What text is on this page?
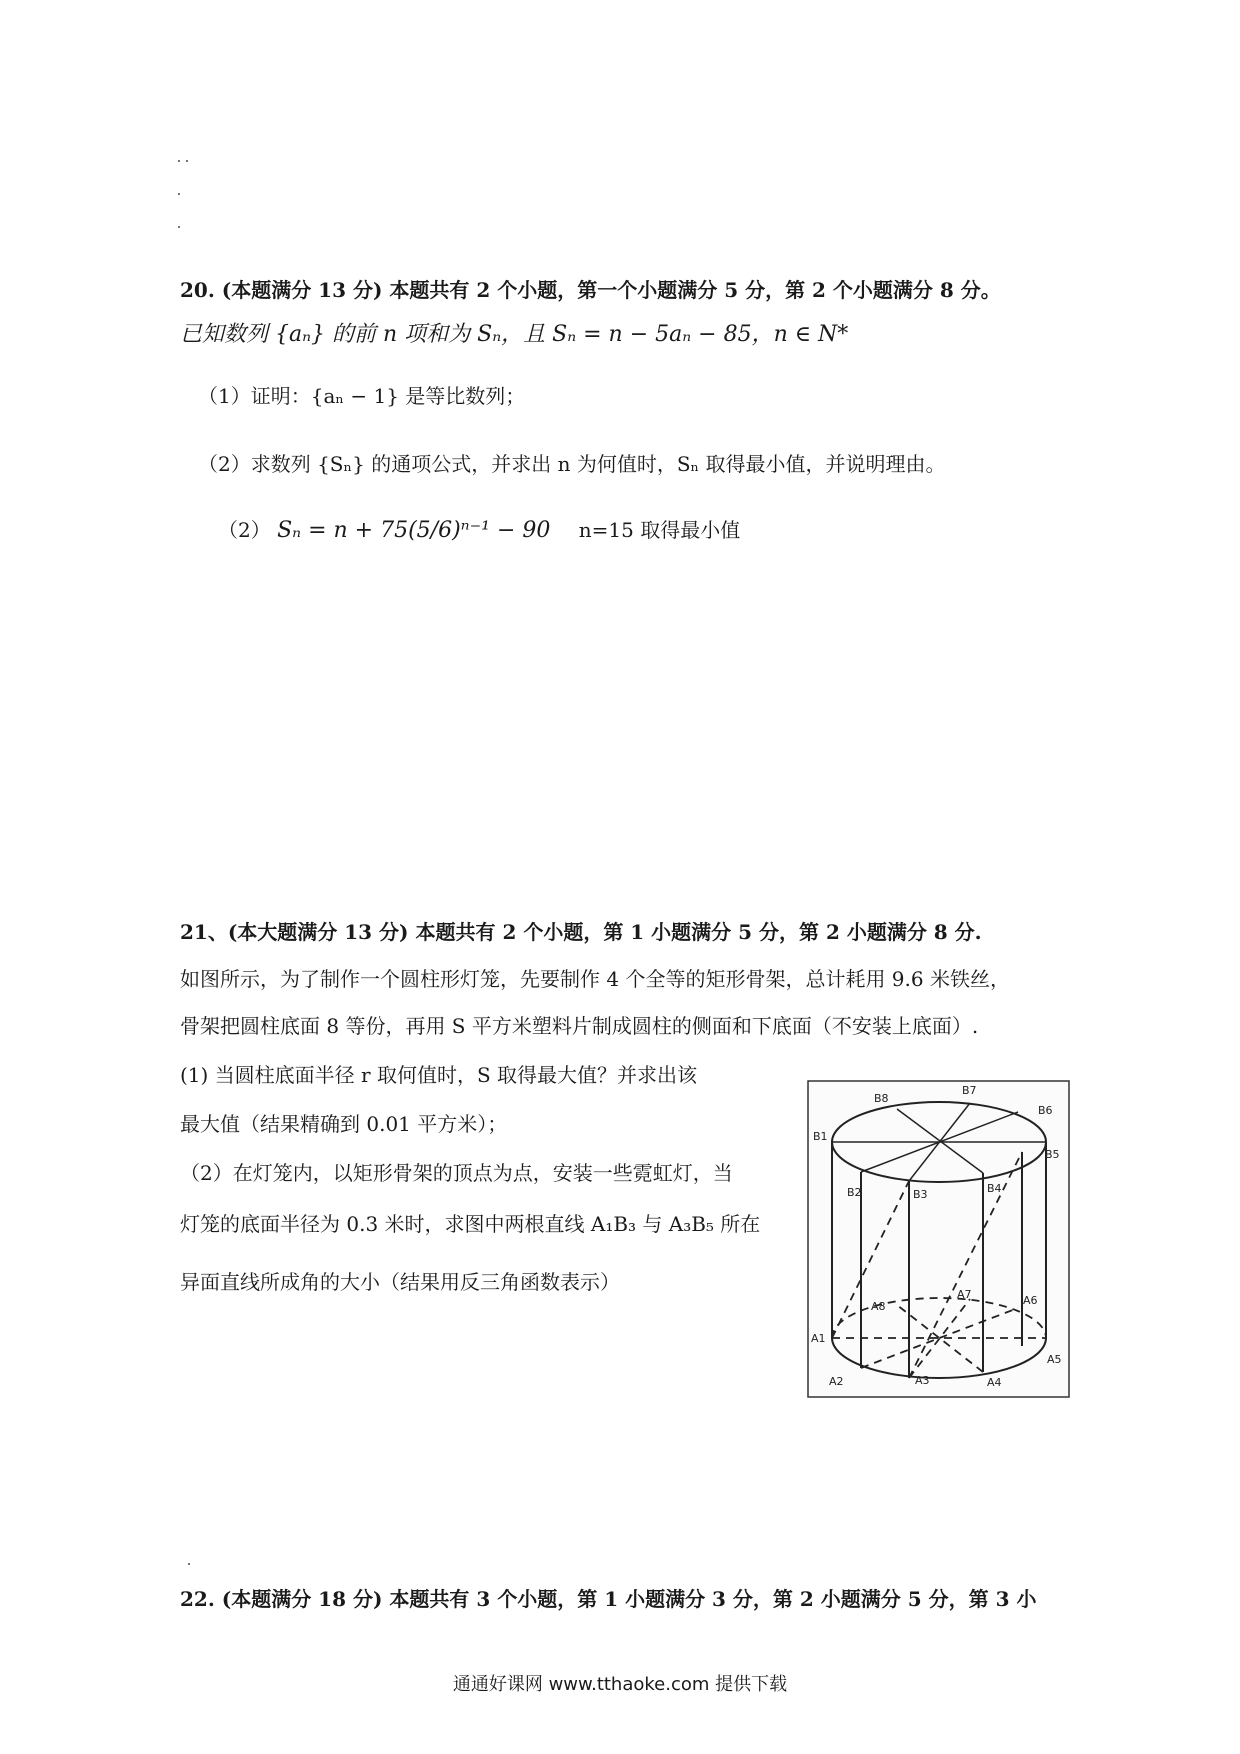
20. (本题满分 13 分) 本题共有 2 个小题，第一个小题满分 5 分，第 2 个小题满分 8 分。
已知数列 {aₙ} 的前 n 项和为 Sₙ，且 Sₙ = n − 5aₙ − 85，n ∈ N*
（1）证明：{aₙ − 1} 是等比数列；
（2）求数列 {Sₙ} 的通项公式，并求出 n 为何值时，Sₙ 取得最小值，并说明理由。
（2） Sₙ = n + 75(5/6)ⁿ⁻¹ − 90 n=15 取得最小值
21、(本大题满分 13 分) 本题共有 2 个小题，第 1 小题满分 5 分，第 2 小题满分 8 分.
如图所示，为了制作一个圆柱形灯笼，先要制作 4 个全等的矩形骨架，总计耗用 9.6 米铁丝，
骨架把圆柱底面 8 等份，再用 S 平方米塑料片制成圆柱的侧面和下底面（不安装上底面）.
(1) 当圆柱底面半径 r 取何值时，S 取得最大值？并求出该
最大值（结果精确到 0.01 平方米）；
（2）在灯笼内，以矩形骨架的顶点为点，安装一些霓虹灯，当
灯笼的底面半径为 0.3 米时，求图中两根直线 A₁B₃ 与 A₃B₅ 所在
异面直线所成角的大小（结果用反三角函数表示）
B1
B2	B3	B4
B5
B6
B7
B8
A1
A2	A3	A4
A5
A6
A7
A8
22. (本题满分 18 分) 本题共有 3 个小题，第 1 小题满分 3 分，第 2 小题满分 5 分，第 3 小
通通好课网 www.tthaoke.com 提供下载
